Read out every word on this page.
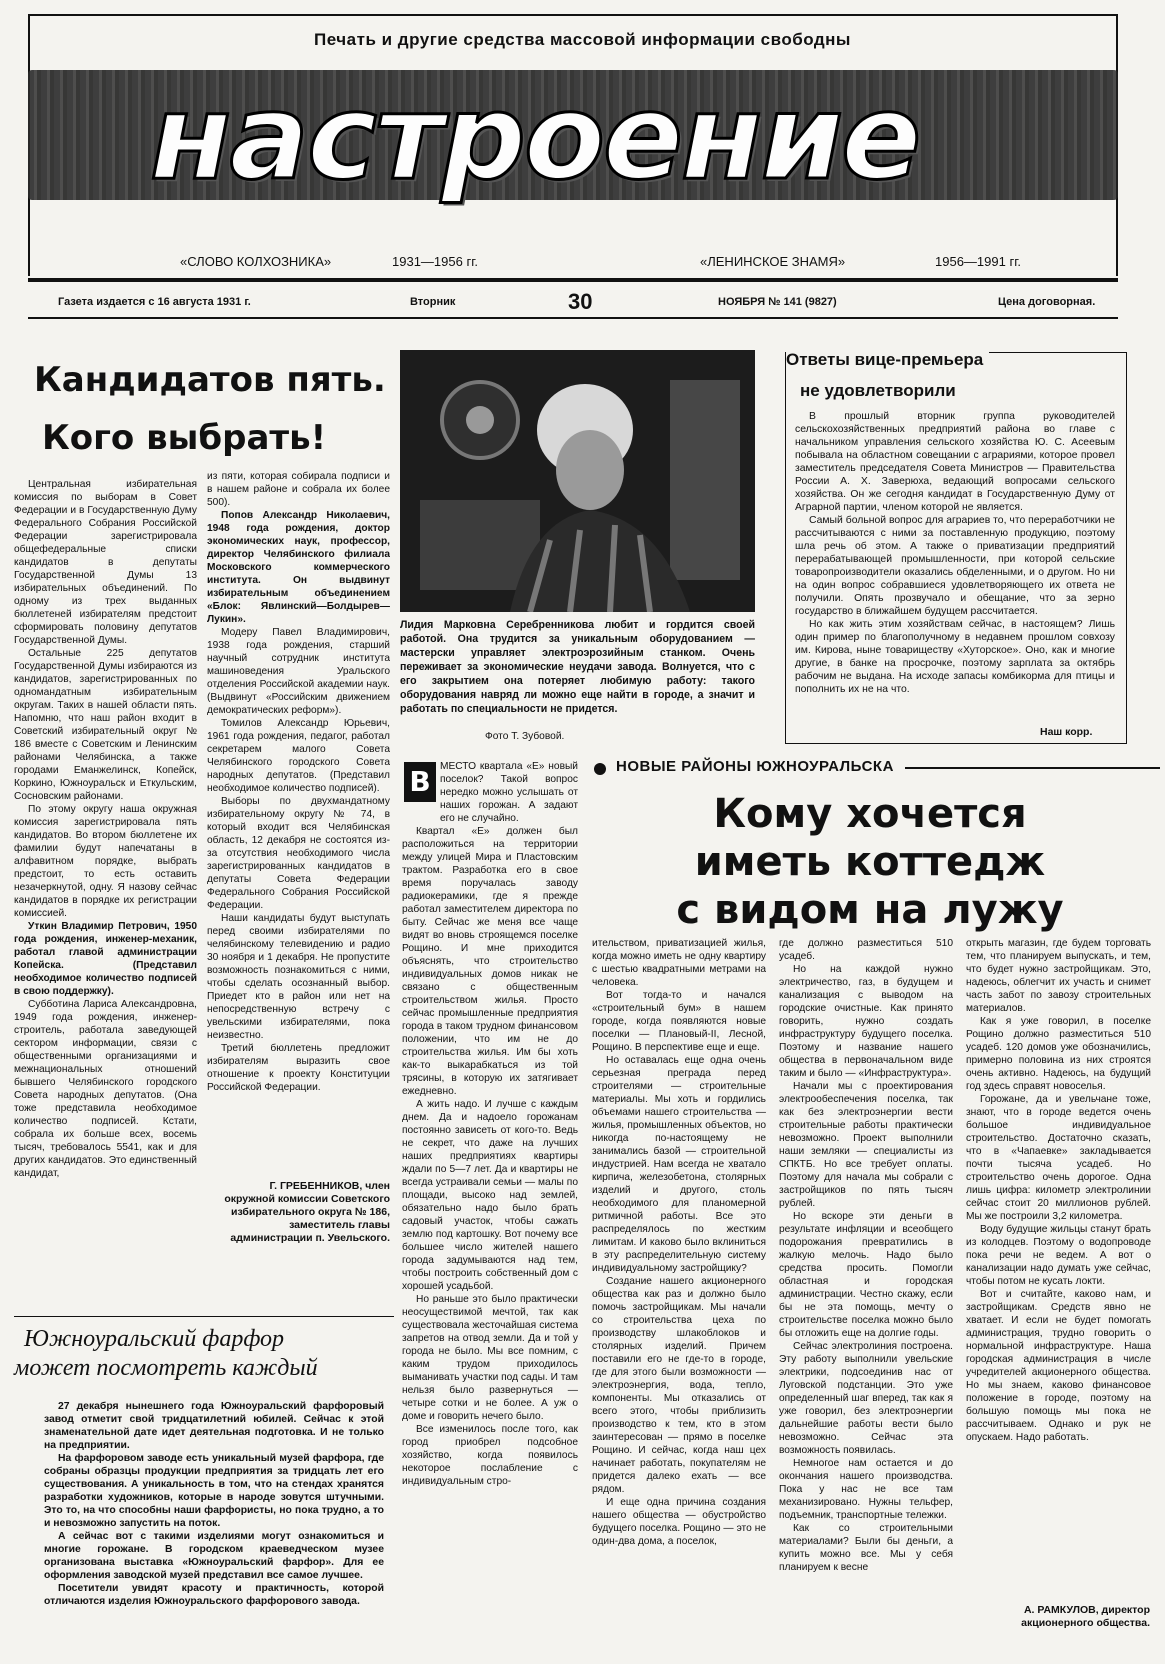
Печать и другие средства массовой информации свободны
настроение
«СЛОВО КОЛХОЗНИКА»	1931—1956 гг.	«ЛЕНИНСКОЕ ЗНАМЯ»	1956—1991 гг.
Газета издается с 16 августа 1931 г.	Вторник	30	НОЯБРЯ № 141 (9827)	Цена договорная.
Кандидатов пять.
Кого выбрать!

Центральная избирательная комиссия по выборам в Совет Федерации и в Государственную Думу Федерального Собрания Российской Федерации зарегистрировала общефедеральные списки кандидатов в депутаты Государственной Думы 13 избирательных объединений. По одному из трех выданных бюллетеней избирателям предстоит сформировать половину депутатов Государственной Думы.

Остальные 225 депутатов Государственной Думы избираются из кандидатов, зарегистрированных по одномандатным избирательным округам. Таких в нашей области пять. Напомню, что наш район входит в Советский избирательный округ № 186 вместе с Советским и Ленинским районами Челябинска, а также городами Еманжелинск, Копейск, Коркино, Южноуральск и Еткульским, Сосновским районами.

По этому округу наша окружная комиссия зарегистрировала пять кандидатов. Во втором бюллетене их фамилии будут напечатаны в алфавитном порядке, выбрать предстоит, то есть оставить незачеркнутой, одну. Я назову сейчас кандидатов в порядке их регистрации комиссией.

Уткин Владимир Петрович, 1950 года рождения, инженер-механик, работал главой администрации Копейска. (Представил необходимое количество подписей в свою поддержку).

Субботина Лариса Александровна, 1949 года рождения, инженер-строитель, работала заведующей сектором информации, связи с общественными организациями и межнациональных отношений бывшего Челябинского городского Совета народных депутатов. (Она тоже представила необходимое количество подписей. Кстати, собрала их больше всех, восемь тысяч, требовалось 5541, как и для других кандидатов. Это единственный кандидат,

из пяти, которая собирала подписи и в нашем районе и собрала их более 500).

Попов Александр Николаевич, 1948 года рождения, доктор экономических наук, профессор, директор Челябинского филиала Московского коммерческого института. Он выдвинут избирательным объединением «Блок: Явлинский—Болдырев—Лукин».

Модеру Павел Владимирович, 1938 года рождения, старший научный сотрудник института машиноведения Уральского отделения Российской академии наук. (Выдвинут «Российским движением демократических реформ»).

Томилов Александр Юрьевич, 1961 года рождения, педагог, работал секретарем малого Совета Челябинского городского Совета народных депутатов. (Представил необходимое количество подписей).

Выборы по двухмандатному избирательному округу № 74, в который входит вся Челябинская область, 12 декабря не состоятся из-за отсутствия необходимого числа зарегистрированных кандидатов в депутаты Совета Федерации Федерального Собрания Российской Федерации.

Наши кандидаты будут выступать перед своими избирателями по челябинскому телевидению и радио 30 ноября и 1 декабря. Не пропустите возможность познакомиться с ними, чтобы сделать осознанный выбор. Приедет кто в район или нет на непосредственную встречу с увельскими избирателями, пока неизвестно.

Третий бюллетень предложит избирателям выразить свое отношение к проекту Конституции Российской Федерации.

Г. ГРЕБЕННИКОВ, член окружной комиссии Советского избирательного округа № 186, заместитель главы администрации п. Увельского.
Лидия Марковна Серебренникова любит и гордится своей работой. Она трудится за уникальным оборудованием — мастерски управляет электроэрозийным станком. Очень переживает за экономические неудачи завода. Волнуется, что с его закрытием она потеряет любимую работу: такого оборудования навряд ли можно еще найти в городе, а значит и работать по специальности не придется.
Фото Т. Зубовой.
Ответы вице-премьера
не удовлетворили

В прошлый вторник группа руководителей сельскохозяйственных предприятий района во главе с начальником управления сельского хозяйства Ю. С. Асеевым побывала на областном совещании с аграриями, которое провел заместитель председателя Совета Министров — Правительства России А. Х. Заверюха, ведающий вопросами сельского хозяйства. Он же сегодня кандидат в Государственную Думу от Аграрной партии, членом которой не является.

Самый больной вопрос для аграриев то, что переработчики не рассчитываются с ними за поставленную продукцию, поэтому шла речь об этом. А также о приватизации предприятий перерабатывающей промышленности, при которой сельские товаропроизводители оказались обделенными, и о другом. Но ни на один вопрос собравшиеся удовлетворяющего их ответа не получили. Опять прозвучало и обещание, что за зерно государство в ближайшем будущем рассчитается.

Но как жить этим хозяйствам сейчас, в настоящем? Лишь один пример по благополучному в недавнем прошлом совхозу им. Кирова, ныне товариществу «Хуторское». Оно, как и многие другие, в банке на просрочке, поэтому зарплата за октябрь рабочим не выдана. На исходе запасы комбикорма для птицы и пополнить их не на что.

Наш корр.
В МЕСТО квартала «Е» новый поселок? Такой вопрос нередко можно услышать от наших горожан. А задают его не случайно.

Квартал «Е» должен был расположиться на территории между улицей Мира и Пластовским трактом. Разработка его в свое время поручалась заводу радиокерамики, где я прежде работал заместителем директора по быту. Сейчас же меня все чаще видят во вновь строящемся поселке Рощино. И мне приходится объяснять, что строительство индивидуальных домов никак не связано с общественным строительством жилья. Просто сейчас промышленные предприятия города в таком трудном финансовом положении, что им не до строительства жилья. Им бы хоть как-то выкарабкаться из той трясины, в которую их затягивает ежедневно.

А жить надо. И лучше с каждым днем. Да и надоело горожанам постоянно зависеть от кого-то. Ведь не секрет, что даже на лучших наших предприятиях квартиры ждали по 5—7 лет. Да и квартиры не всегда устраивали семьи — малы по площади, высоко над землей, обязательно надо было брать садовый участок, чтобы сажать землю под картошку. Вот почему все большее число жителей нашего города задумываются над тем, чтобы построить собственный дом с хорошей усадьбой.

Но раньше это было практически неосуществимой мечтой, так как существовала жесточайшая система запретов на отвод земли. Да и той у города не было. Мы все помним, с каким трудом приходилось выманивать участки под сады. И там нельзя было развернуться — четыре сотки и не более. А уж о доме и говорить нечего было.

Все изменилось после того, как город приобрел подсобное хозяйство, когда появилось некоторое послабление с индивидуальным стро-

НОВЫЕ РАЙОНЫ ЮЖНОУРАЛЬСКА
Кому хочется
иметь коттедж
с видом на лужу

ительством, приватизацией жилья, когда можно иметь не одну квартиру с шестью квадратными метрами на человека.

Вот тогда-то и начался «строительный бум» в нашем городе, когда появляются новые поселки — Плановый-II, Лесной, Рощино. В перспективе еще и еще.

Но оставалась еще одна очень серьезная преграда перед строителями — строительные материалы. Мы хоть и гордились объемами нашего строительства — жилья, промышленных объектов, но никогда по-настоящему не занимались базой — строительной индустрией. Нам всегда не хватало кирпича, железобетона, столярных изделий и другого, столь необходимого для планомерной ритмичной работы. Все это распределялось по жестким лимитам. И каково было вклиниться в эту распределительную систему индивидуальному застройщику?

Создание нашего акционерного общества как раз и должно было помочь застройщикам. Мы начали со строительства цеха по производству шлакоблоков и столярных изделий. Причем поставили его не где-то в городе, где для этого были возможности — электроэнергия, вода, тепло, компоненты. Мы отказались от всего этого, чтобы приблизить производство к тем, кто в этом заинтересован — прямо в поселке Рощино. И сейчас, когда наш цех начинает работать, покупателям не придется далеко ехать — все рядом.

И еще одна причина создания нашего общества — обустройство будущего поселка. Рощино — это не один-два дома, а поселок,

где должно разместиться 510 усадеб.

Но на каждой нужно электричество, газ, в будущем и канализация с выводом на городские очистные. Как принято говорить, нужно создать инфраструктуру будущего поселка. Поэтому и название нашего общества в первоначальном виде таким и было — «Инфраструктура».

Начали мы с проектирования электрообеспечения поселка, так как без электроэнергии вести строительные работы практически невозможно. Проект выполнили наши земляки — специалисты из СПКТБ. Но все требует оплаты. Поэтому для начала мы собрали с застройщиков по пять тысяч рублей.

Но вскоре эти деньги в результате инфляции и всеобщего подорожания превратились в жалкую мелочь. Надо было средства просить. Помогли областная и городская администрации. Честно скажу, если бы не эта помощь, мечту о строительстве поселка можно было бы отложить еще на долгие годы.

Сейчас электролиния построена. Эту работу выполнили увельские электрики, подсоединив нас от Луговской подстанции. Это уже определенный шаг вперед, так как я уже говорил, без электроэнергии дальнейшие работы вести было невозможно. Сейчас эта возможность появилась.

Немногое нам остается и до окончания нашего производства. Пока у нас не все там механизировано. Нужны тельфер, подъемник, транспортные тележки.

Как со строительными материалами? Были бы деньги, а купить можно все. Мы у себя планируем к весне

открыть магазин, где будем торговать тем, что планируем выпускать, и тем, что будет нужно застройщикам. Это, надеюсь, облегчит их участь и снимет часть забот по завозу строительных материалов.

Как я уже говорил, в поселке Рощино должно разместиться 510 усадеб. 120 домов уже обозначились, примерно половина из них строятся очень активно. Надеюсь, на будущий год здесь справят новоселья.

Горожане, да и увельчане тоже, знают, что в городе ведется очень большое индивидуальное строительство. Достаточно сказать, что в «Чапаевке» закладывается почти тысяча усадеб. Но строительство очень дорогое. Одна лишь цифра: километр электролинии сейчас стоит 20 миллионов рублей. Мы же построили 3,2 километра.

Воду будущие жильцы станут брать из колодцев. Поэтому о водопроводе пока речи не ведем. А вот о канализации надо думать уже сейчас, чтобы потом не кусать локти.

Вот и считайте, каково нам, и застройщикам. Средств явно не хватает. И если не будет помогать администрация, трудно говорить о нормальной инфраструктуре. Наша городская администрация в числе учредителей акционерного общества. Но мы знаем, каково финансовое положение в городе, поэтому на большую помощь мы пока не рассчитываем. Однако и рук не опускаем. Надо работать.

А. РАМКУЛОВ, директор акционерного общества.
Южноуральский фарфор
может посмотреть каждый

27 декабря нынешнего года Южноуральский фарфоровый завод отметит свой тридцатилетний юбилей. Сейчас к этой знаменательной дате идет деятельная подготовка. И не только на предприятии.

На фарфоровом заводе есть уникальный музей фарфора, где собраны образцы продукции предприятия за тридцать лет его существования. А уникальность в том, что на стендах хранятся разработки художников, которые в народе зовутся штучными. Это то, на что способны наши фарфористы, но пока трудно, а то и невозможно запустить на поток.

А сейчас вот с такими изделиями могут ознакомиться и многие горожане. В городском краеведческом музее организована выставка «Южноуральский фарфор». Для ее оформления заводской музей представил все самое лучшее.

Посетители увидят красоту и практичность, которой отличаются изделия Южноуральского фарфорового завода.
